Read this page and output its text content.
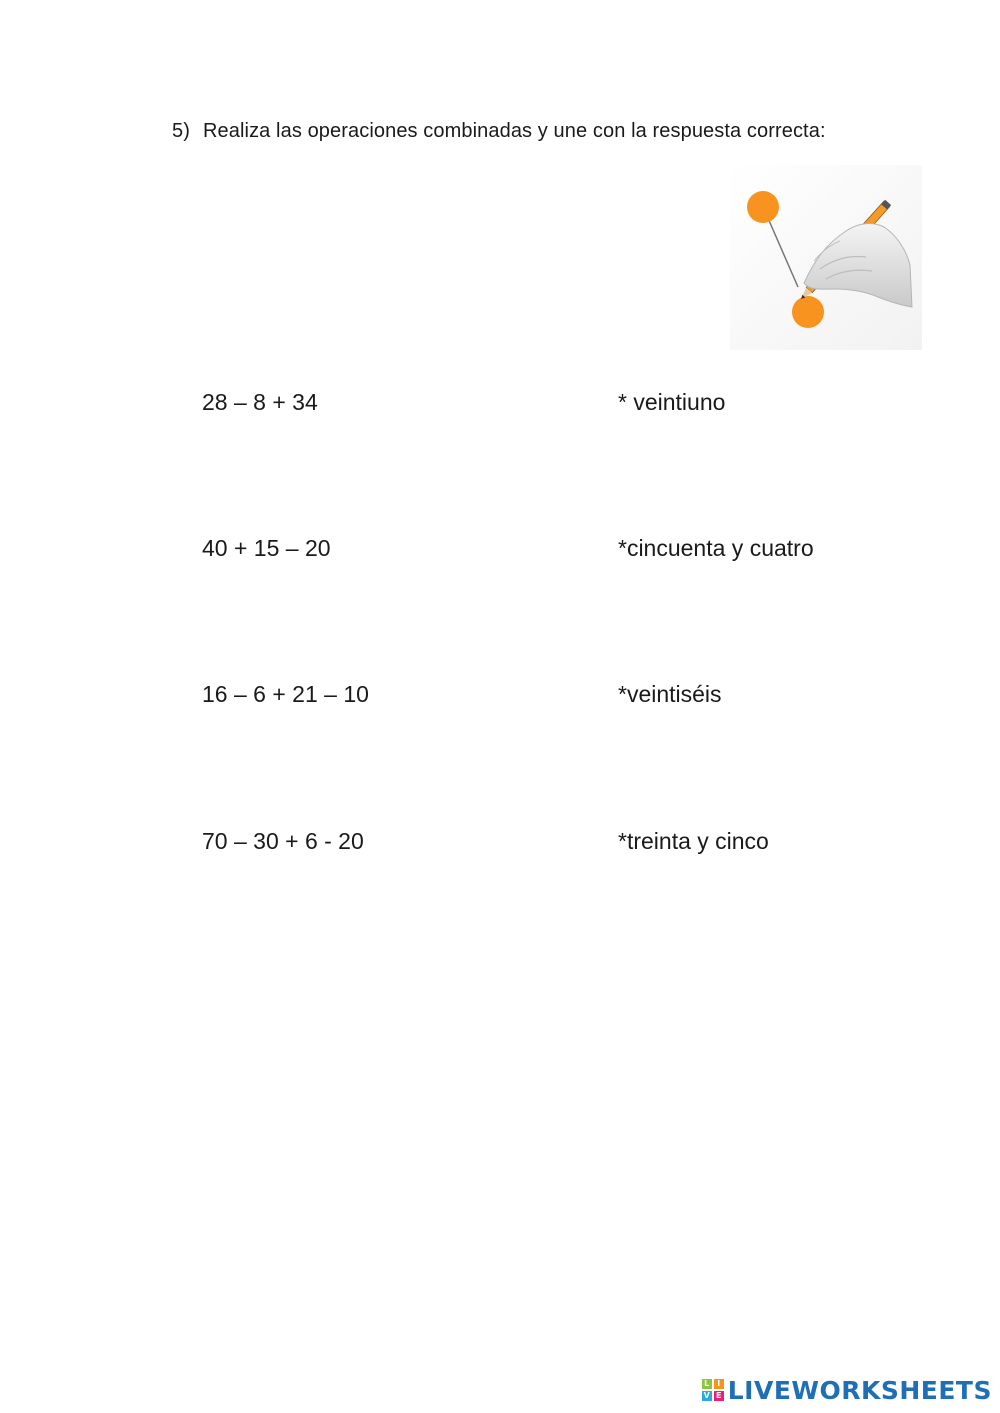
5) Realiza las operaciones combinadas y une con la respuesta correcta:
28 – 8 + 34	* veintiuno
40 + 15 – 20	*cincuenta y cuatro
16 – 6 + 21 – 10	*veintiséis
70 – 30 + 6 - 20	*treinta y cinco
L I
V E LIVEWORKSHEETS
